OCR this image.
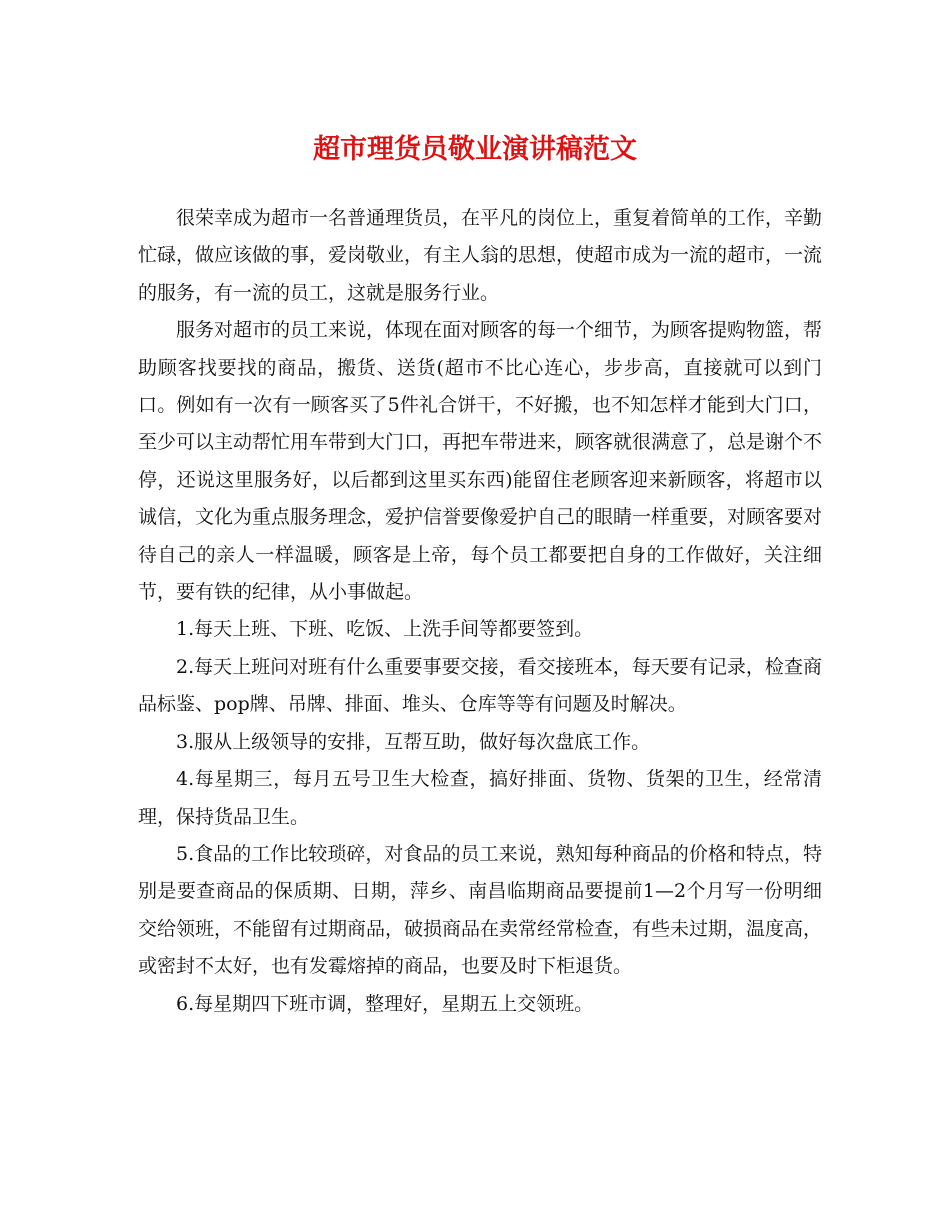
超市理货员敬业演讲稿范文

很荣幸成为超市一名普通理货员，在平凡的岗位上，重复着简单的工作，辛勤忙碌，做应该做的事，爱岗敬业，有主人翁的思想，使超市成为一流的超市，一流的服务，有一流的员工，这就是服务行业。

服务对超市的员工来说，体现在面对顾客的每一个细节，为顾客提购物篮，帮助顾客找要找的商品，搬货、送货(超市不比心连心，步步高，直接就可以到门口。例如有一次有一顾客买了5件礼合饼干，不好搬，也不知怎样才能到大门口，至少可以主动帮忙用车带到大门口，再把车带进来，顾客就很满意了，总是谢个不停，还说这里服务好，以后都到这里买东西)能留住老顾客迎来新顾客，将超市以诚信，文化为重点服务理念，爱护信誉要像爱护自己的眼睛一样重要，对顾客要对待自己的亲人一样温暖，顾客是上帝，每个员工都要把自身的工作做好，关注细节，要有铁的纪律，从小事做起。

1.每天上班、下班、吃饭、上洗手间等都要签到。

2.每天上班问对班有什么重要事要交接，看交接班本，每天要有记录，检查商品标鉴、pop牌、吊牌、排面、堆头、仓库等等有问题及时解决。

3.服从上级领导的安排，互帮互助，做好每次盘底工作。

4.每星期三，每月五号卫生大检查，搞好排面、货物、货架的卫生，经常清理，保持货品卫生。

5.食品的工作比较琐碎，对食品的员工来说，熟知每种商品的价格和特点，特别是要查商品的保质期、日期，萍乡、南昌临期商品要提前1—2个月写一份明细交给领班，不能留有过期商品，破损商品在卖常经常检查，有些未过期，温度高，或密封不太好，也有发霉熔掉的商品，也要及时下柜退货。

6.每星期四下班市调，整理好，星期五上交领班。
